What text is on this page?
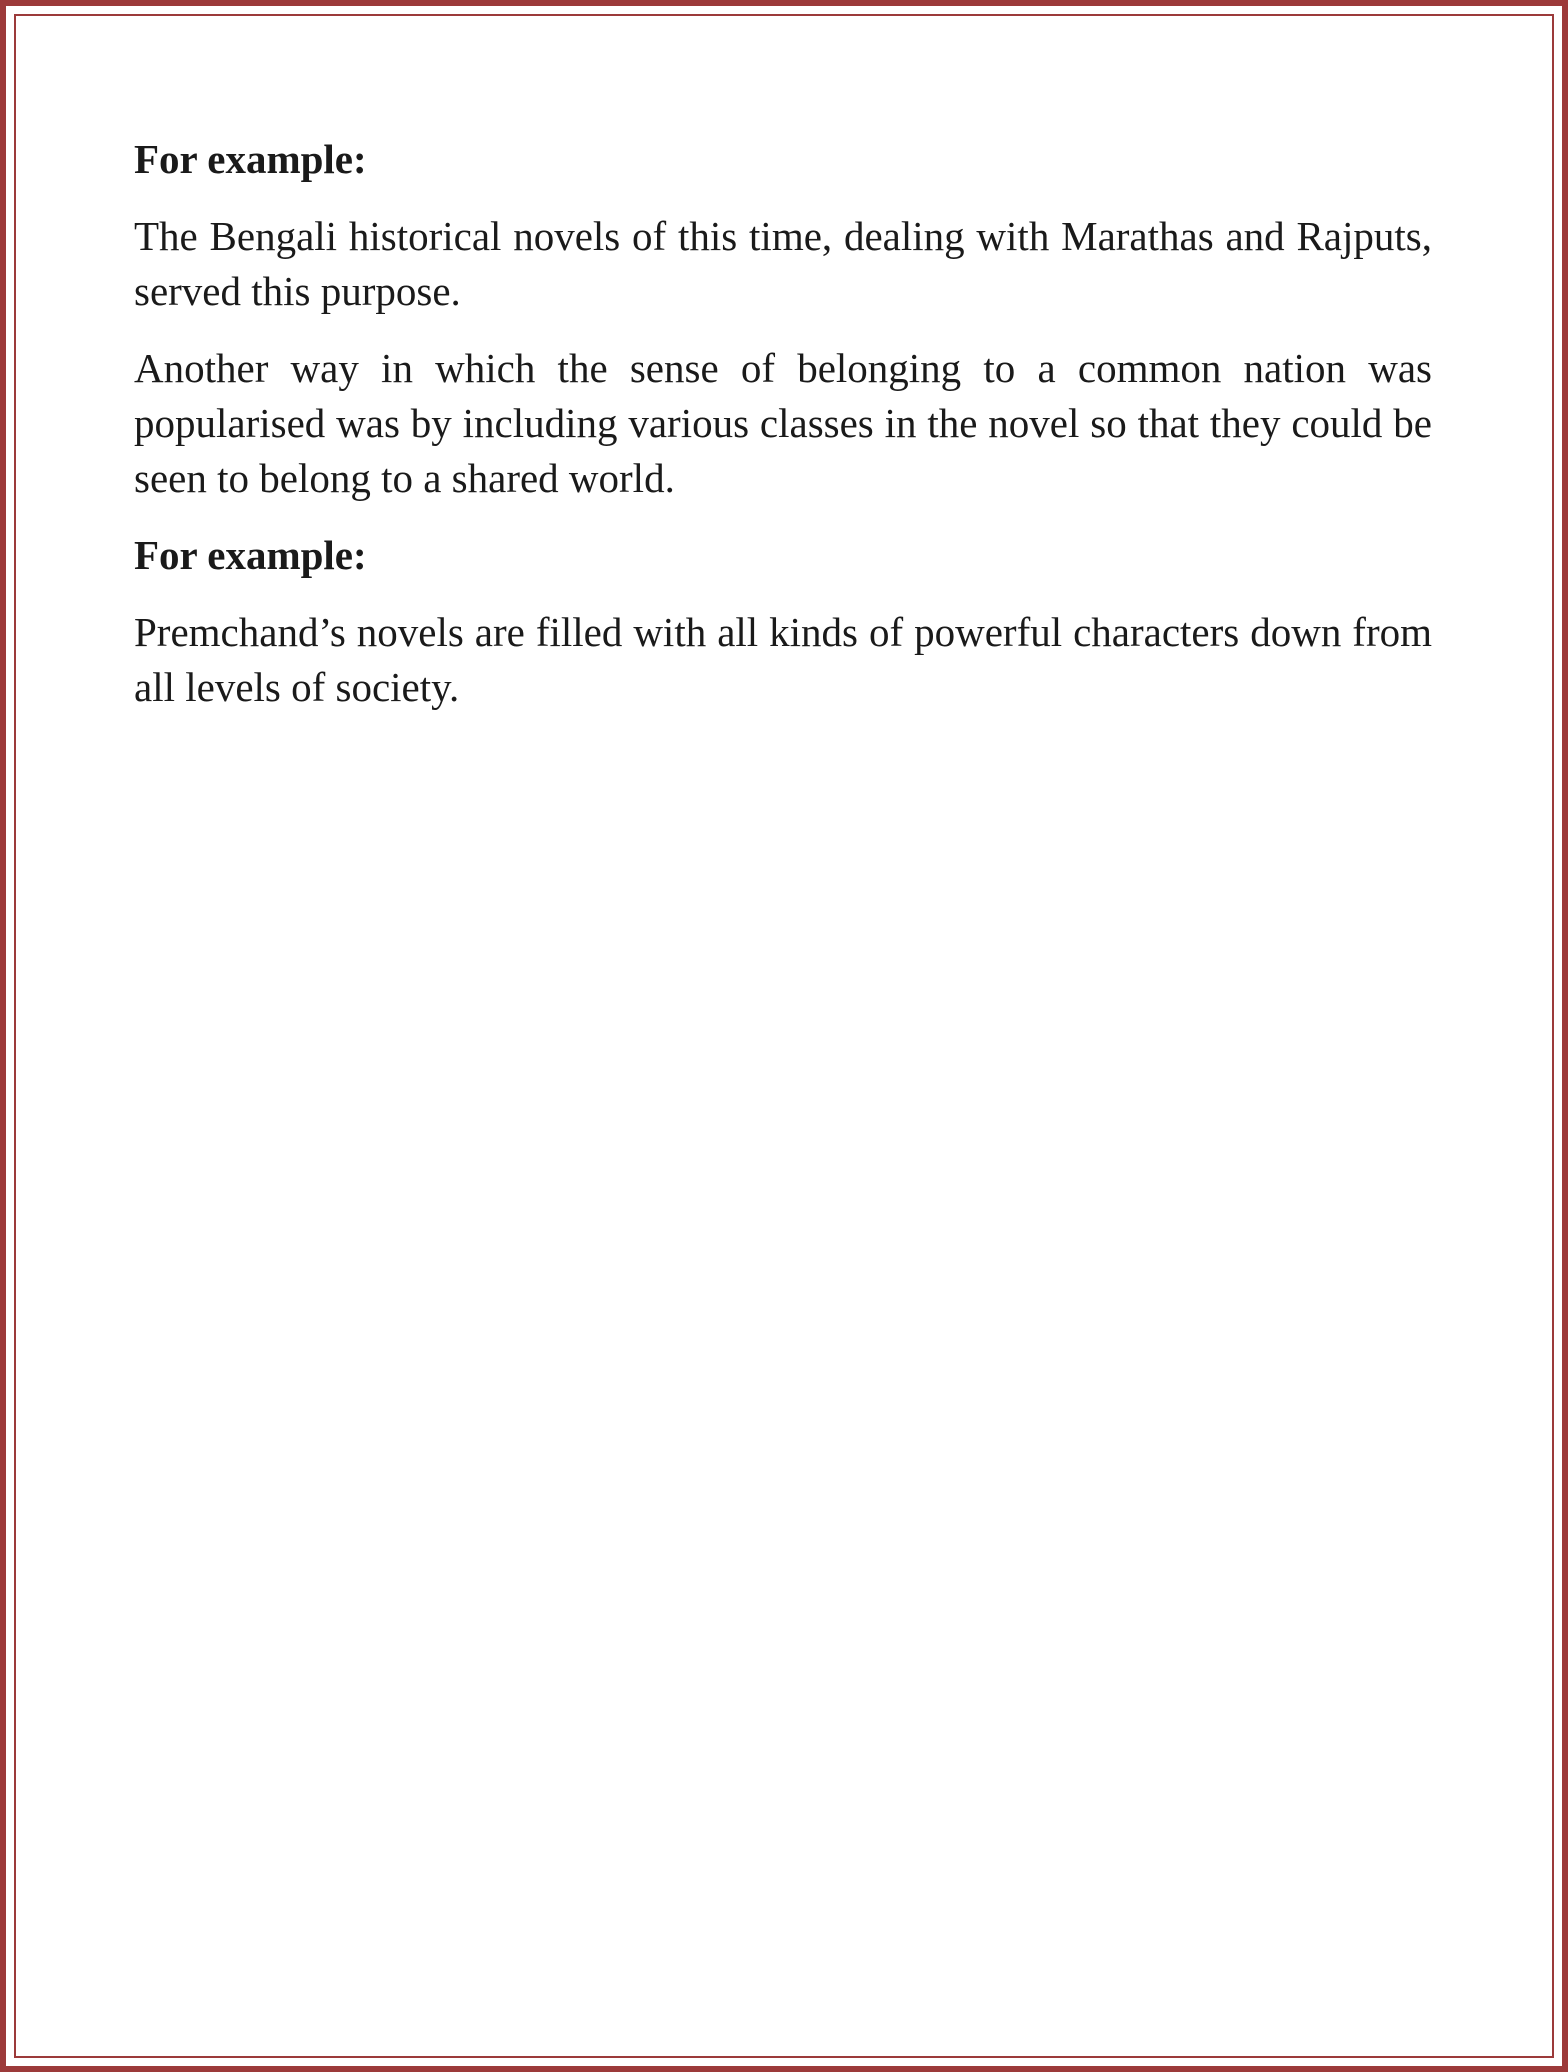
For example:

The Bengali historical novels of this time, dealing with Marathas and Rajputs, served this purpose.

Another way in which the sense of belonging to a common nation was popularised was by including various classes in the novel so that they could be seen to belong to a shared world.

For example:

Premchand’s novels are filled with all kinds of powerful characters down from all levels of society.
